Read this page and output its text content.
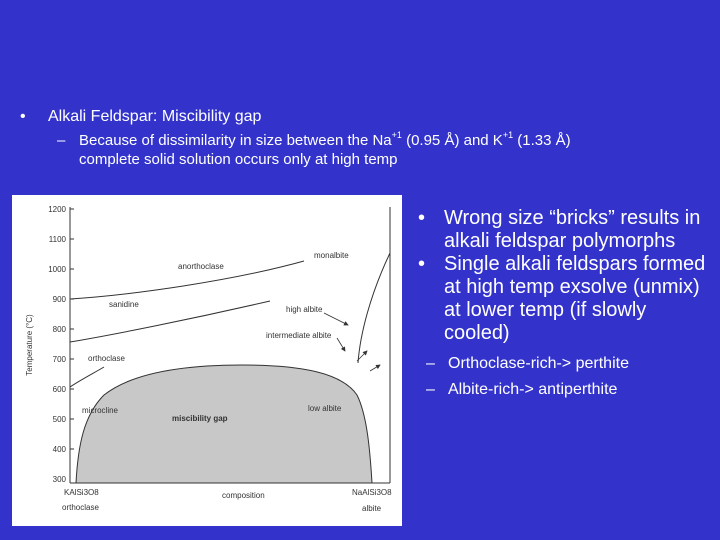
• Alkali Feldspar: Miscibility gap
– Because of dissimilarity in size between the $Na^{+1}$ (0.95 Å) and $K^{+1}$ (1.33 Å)
complete solid solution occurs only at high temp
1200
1100
1000
900
800
700
600
500
400
300
Temperature (°C)
anorthoclase
monalbite
sanidine
high albite
intermediate albite
orthoclase
low albite
microcline
miscibility gap
KAlSi3O8	NaAlSi3O8
composition
orthoclase	albite
• Wrong size “bricks” results in alkali feldspar polymorphs
• Single alkali feldspars formed at high temp exsolve (unmix) at lower temp (if slowly cooled)
– Orthoclase-rich-> perthite
– Albite-rich-> antiperthite
